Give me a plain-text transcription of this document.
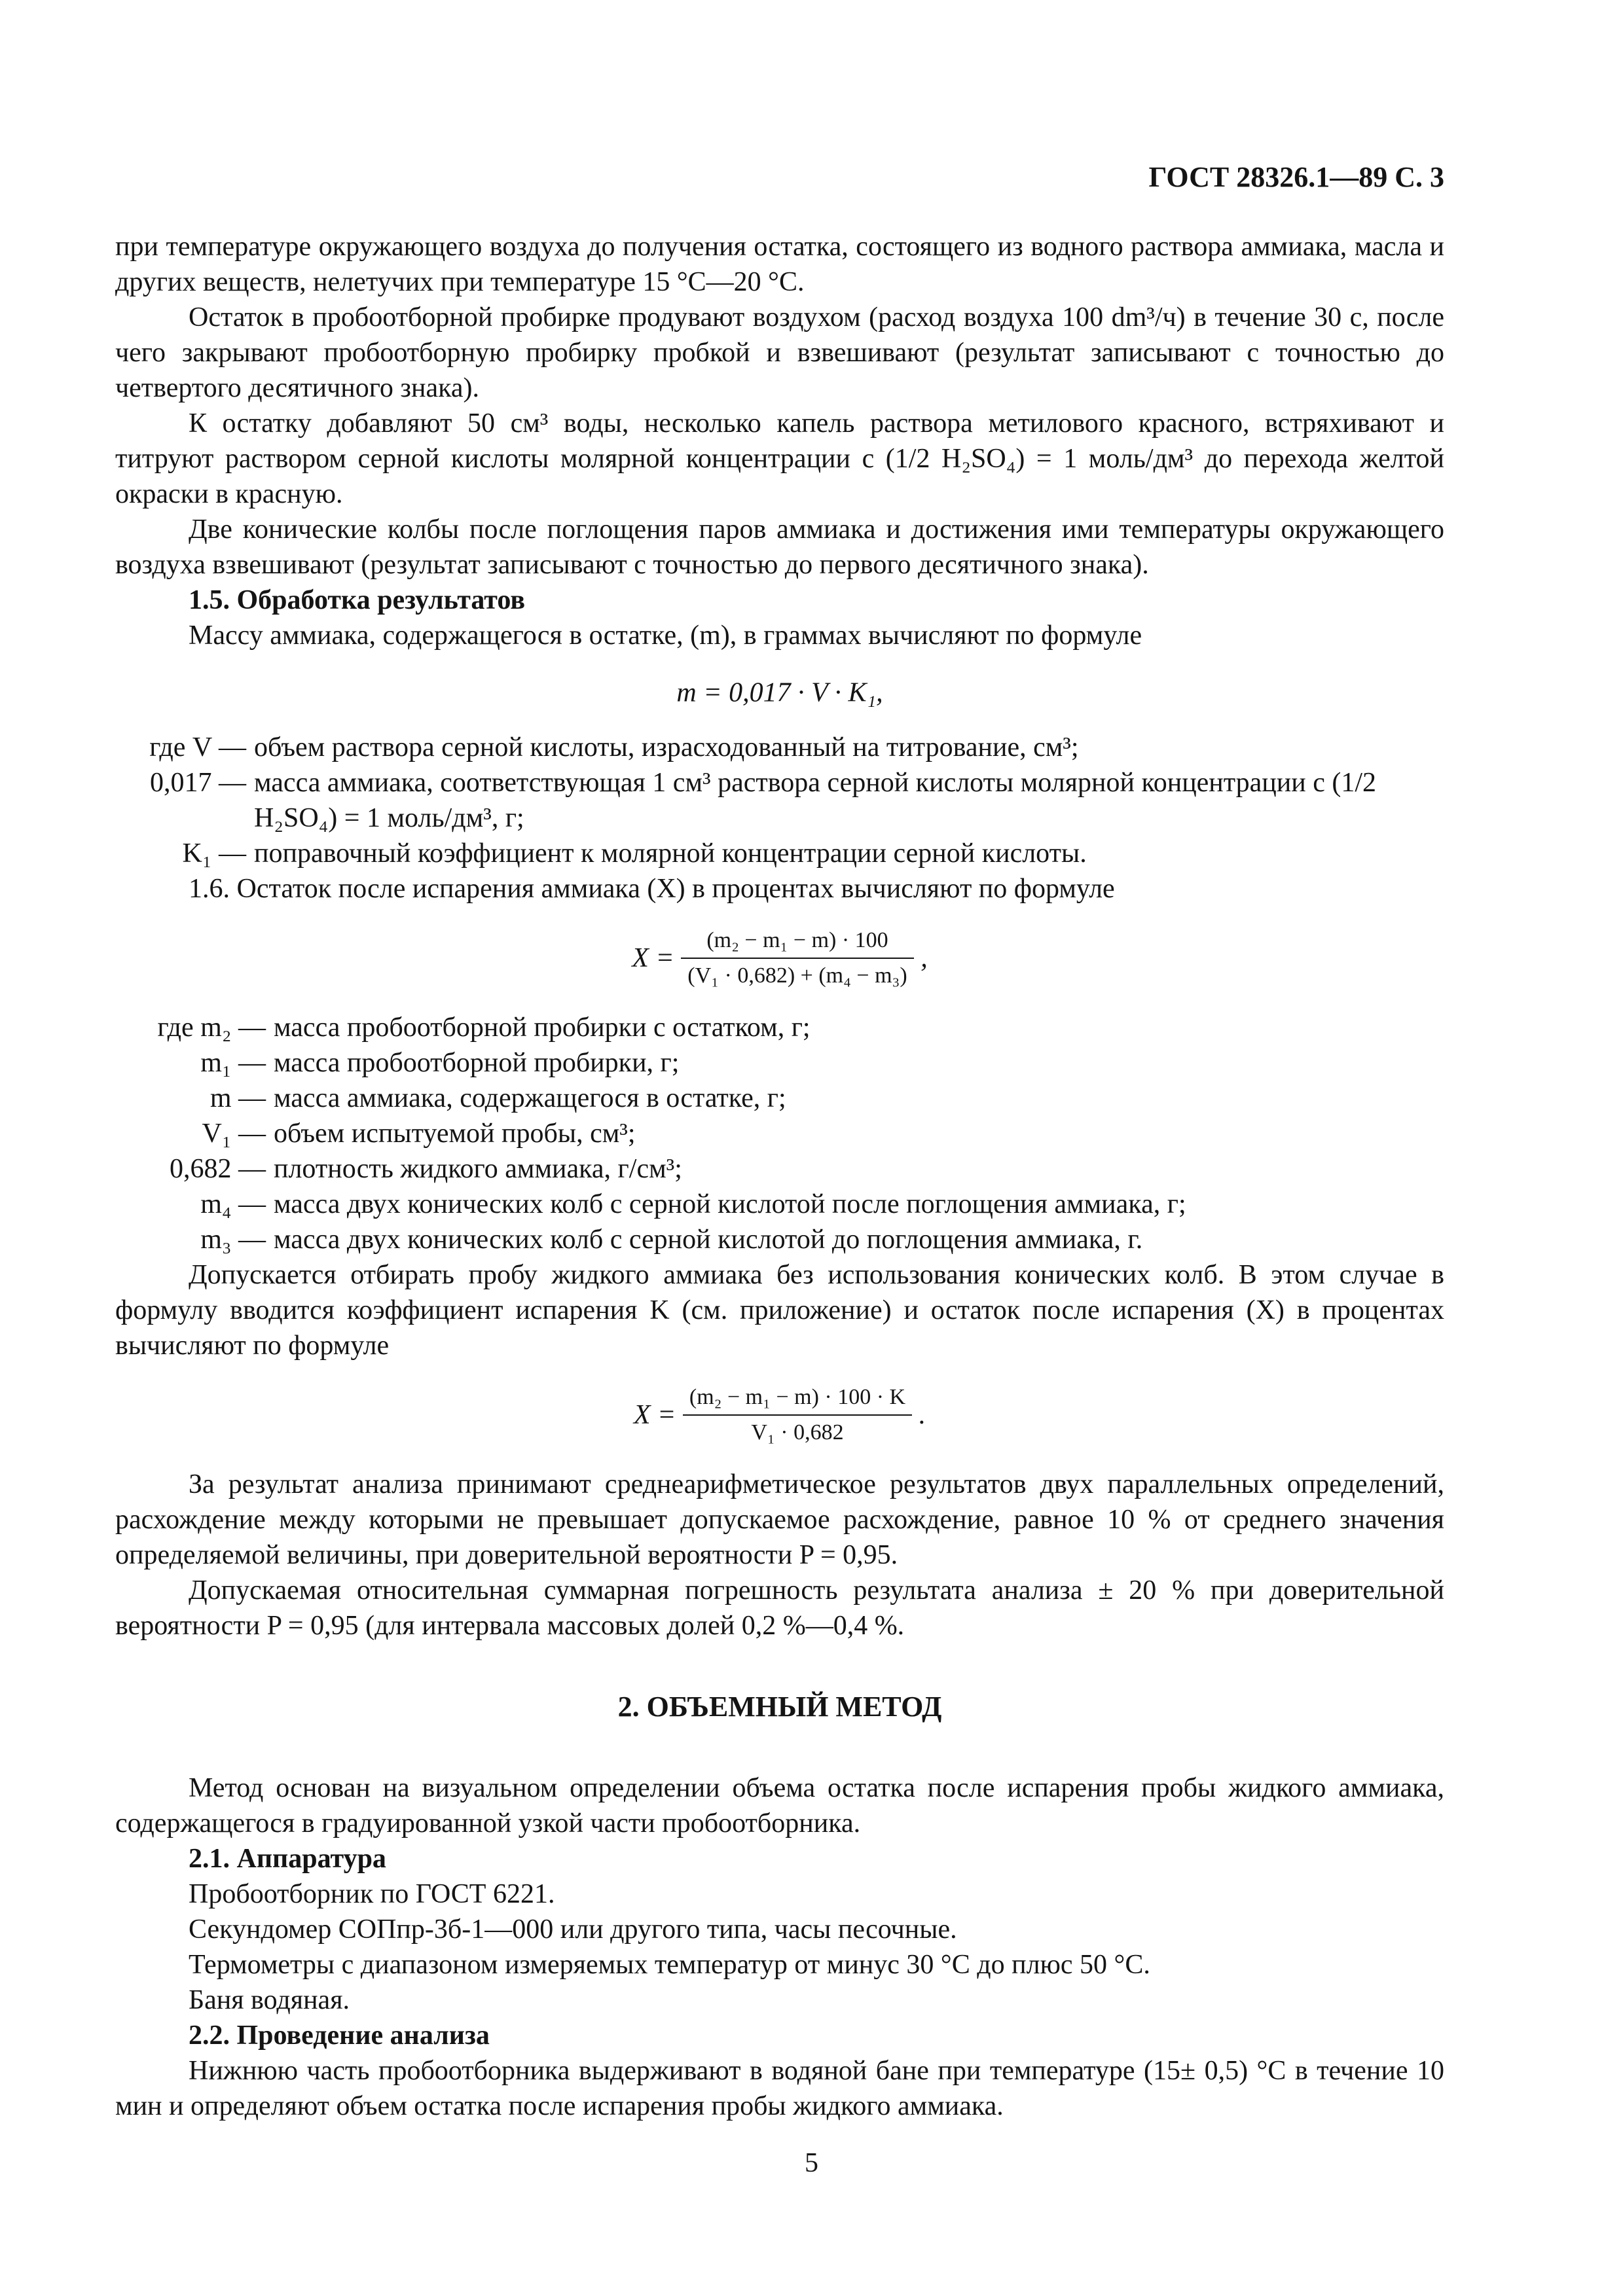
ГОСТ 28326.1—89 С. 3

при температуре окружающего воздуха до получения остатка, состоящего из водного раствора аммиака, масла и других веществ, нелетучих при температуре 15 °С—20 °С.

Остаток в пробоотборной пробирке продувают воздухом (расход воздуха 100 dm³/ч) в течение 30 с, после чего закрывают пробоотборную пробирку пробкой и взвешивают (результат записывают с точностью до четвертого десятичного знака).

К остатку добавляют 50 см³ воды, несколько капель раствора метилового красного, встряхивают и титруют раствором серной кислоты молярной концентрации c (1/2 H₂SO₄) = 1 моль/дм³ до перехода желтой окраски в красную.

Две конические колбы после поглощения паров аммиака и достижения ими температуры окружающего воздуха взвешивают (результат записывают с точностью до первого десятичного знака).

1.5. Обработка результатов

Массу аммиака, содержащегося в остатке, (m), в граммах вычисляют по формуле

m = 0,017 · V · K₁,
где V — объем раствора серной кислоты, израсходованный на титрование, см³;
0,017 — масса аммиака, соответствующая 1 см³ раствора серной кислоты молярной концентрации c (1/2 H₂SO₄) = 1 моль/дм³, г;
K₁ — поправочный коэффициент к молярной концентрации серной кислоты.

1.6. Остаток после испарения аммиака (X) в процентах вычисляют по формуле

$X = \frac{\text{(m₂ − m₁ − m) · 100}}{\text{(V₁ · 0,682) + (m₄ − m₃)}}$ ,
где m₂ — масса пробоотборной пробирки с остатком, г;
m₁ — масса пробоотборной пробирки, г;
m — масса аммиака, содержащегося в остатке, г;
V₁ — объем испытуемой пробы, см³;
0,682 — плотность жидкого аммиака, г/см³;
m₄ — масса двух конических колб с серной кислотой после поглощения аммиака, г;
m₃ — масса двух конических колб с серной кислотой до поглощения аммиака, г.

Допускается отбирать пробу жидкого аммиака без использования конических колб. В этом случае в формулу вводится коэффициент испарения K (см. приложение) и остаток после испарения (X) в процентах вычисляют по формуле

$X = \frac{\text{(m₂ − m₁ − m) · 100 · K}}{\text{V₁ · 0,682}}$ .

За результат анализа принимают среднеарифметическое результатов двух параллельных определений, расхождение между которыми не превышает допускаемое расхождение, равное 10 % от среднего значения определяемой величины, при доверительной вероятности P = 0,95.

Допускаемая относительная суммарная погрешность результата анализа ± 20 % при доверительной вероятности P = 0,95 (для интервала массовых долей 0,2 %—0,4 %.

2. ОБЪЕМНЫЙ МЕТОД

Метод основан на визуальном определении объема остатка после испарения пробы жидкого аммиака, содержащегося в градуированной узкой части пробоотборника.

2.1. Аппаратура
Пробоотборник по ГОСТ 6221.
Секундомер СОПпр-3б-1—000 или другого типа, часы песочные.
Термометры с диапазоном измеряемых температур от минус 30 °С до плюс 50 °С.
Баня водяная.
2.2. Проведение анализа

Нижнюю часть пробоотборника выдерживают в водяной бане при температуре (15± 0,5) °С в течение 10 мин и определяют объем остатка после испарения пробы жидкого аммиака.

5
